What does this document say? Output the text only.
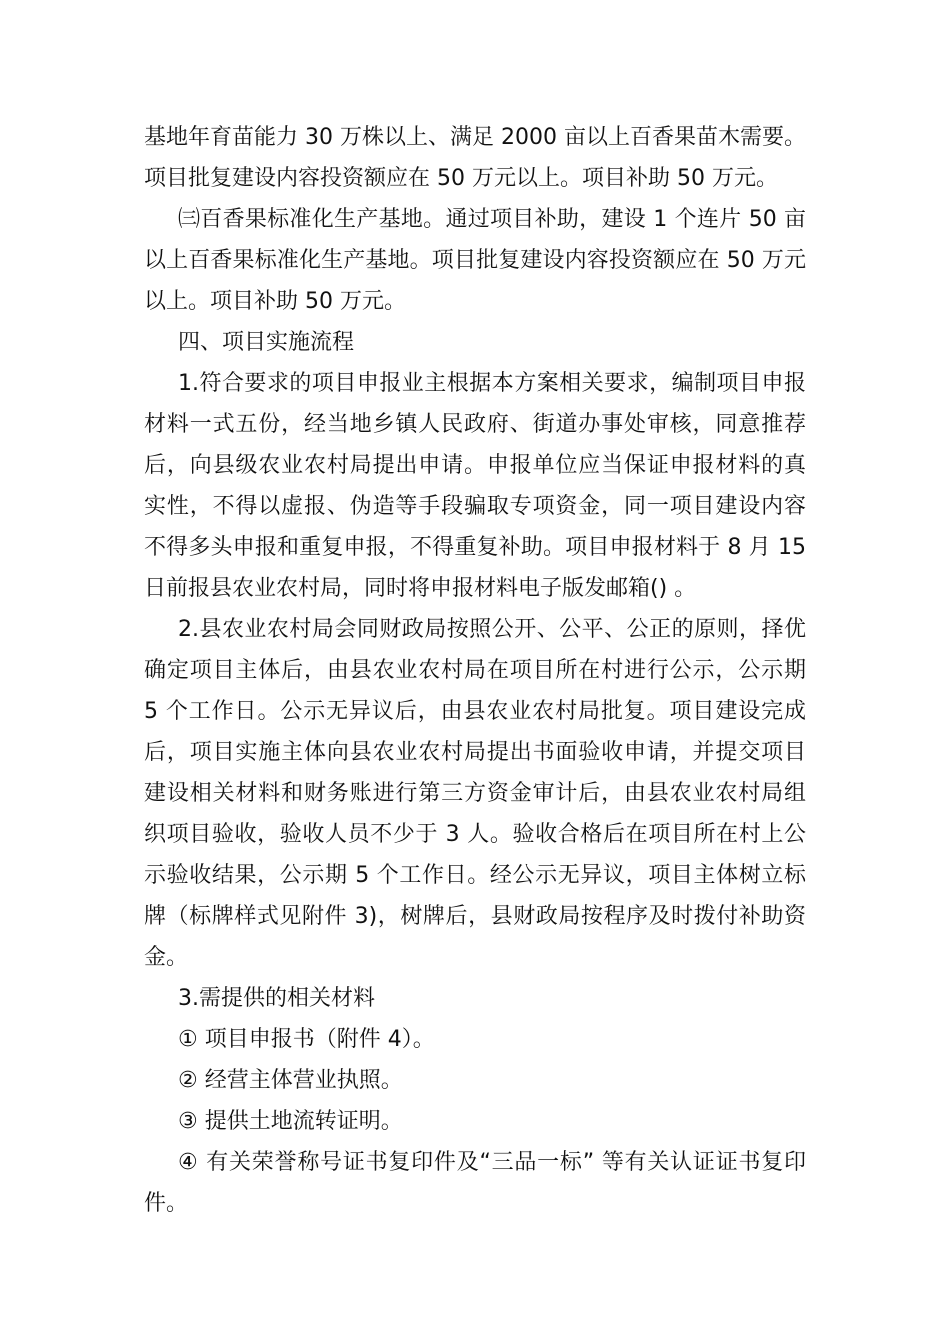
基地年育苗能力 30 万株以上、满足 2000 亩以上百香果苗木需要。
项目批复建设内容投资额应在 50 万元以上。项目补助 50 万元。
㈢百香果标准化生产基地。通过项目补助，建设 1 个连片 50 亩
以上百香果标准化生产基地。项目批复建设内容投资额应在 50 万元
以上。项目补助 50 万元。
四、项目实施流程
1.符合要求的项目申报业主根据本方案相关要求，编制项目申报
材料一式五份，经当地乡镇人民政府、街道办事处审核，同意推荐
后，向县级农业农村局提出申请。申报单位应当保证申报材料的真
实性，不得以虚报、伪造等手段骗取专项资金，同一项目建设内容
不得多头申报和重复申报，不得重复补助。项目申报材料于 8 月 15
日前报县农业农村局，同时将申报材料电子版发邮箱() 。
2.县农业农村局会同财政局按照公开、公平、公正的原则，择优
确定项目主体后，由县农业农村局在项目所在村进行公示，公示期
5 个工作日。公示无异议后，由县农业农村局批复。项目建设完成
后，项目实施主体向县农业农村局提出书面验收申请，并提交项目
建设相关材料和财务账进行第三方资金审计后，由县农业农村局组
织项目验收，验收人员不少于 3 人。验收合格后在项目所在村上公
示验收结果，公示期 5 个工作日。经公示无异议，项目主体树立标
牌（标牌样式见附件 3)，树牌后，县财政局按程序及时拨付补助资
金。
3.需提供的相关材料
① 项目申报书（附件 4）。
② 经营主体营业执照。
③ 提供土地流转证明。
④ 有关荣誉称号证书复印件及“三品一标” 等有关认证证书复印
件。
